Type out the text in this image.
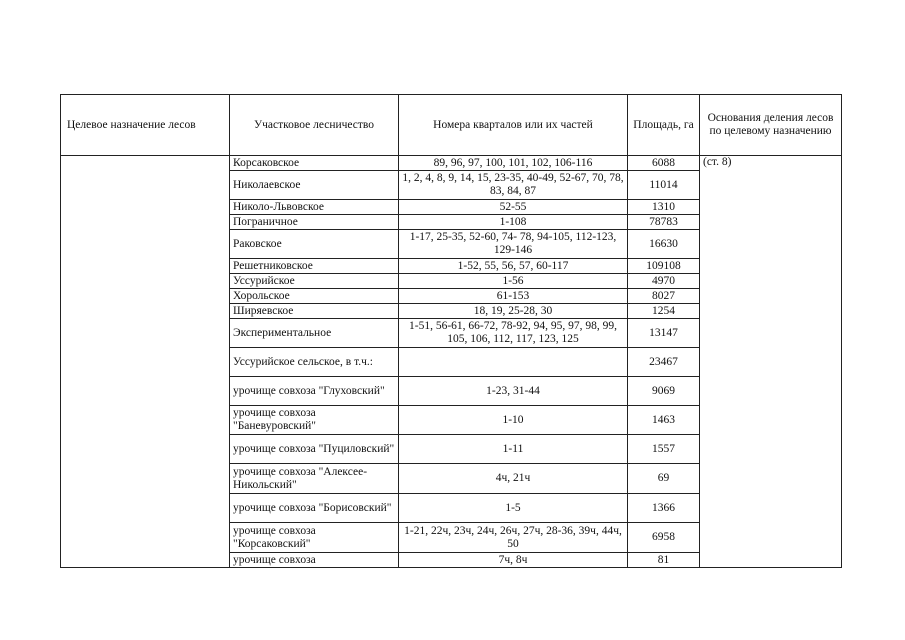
Целевое назначение лесов	Участковое лесничество	Номера кварталов или их частей	Площадь, га	Основания деления лесов по целевому назначению
	Корсаковское	89, 96, 97, 100, 101, 102, 106-116	6088	(ст. 8)
	Николаевское	1, 2, 4, 8, 9, 14, 15, 23-35, 40-49, 52-67, 70, 78, 83, 84, 87	11014	
	Николо-Львовское	52-55	1310	
	Пограничное	1-108	78783	
	Раковское	1-17, 25-35, 52-60, 74- 78, 94-105, 112-123, 129-146	16630	
	Решетниковское	1-52, 55, 56, 57, 60-117	109108	
	Уссурийское	1-56	4970	
	Хорольское	61-153	8027	
	Ширяевское	18, 19, 25-28, 30	1254	
	Экспериментальное	1-51, 56-61, 66-72, 78-92, 94, 95, 97, 98, 99, 105, 106, 112, 117, 123, 125	13147	
	Уссурийское сельское, в т.ч.:		23467	
	урочище совхоза "Глуховский"	1-23, 31-44	9069	
	урочище совхоза "Баневуровский"	1-10	1463	
	урочище совхоза "Пуциловский"	1-11	1557	
	урочище совхоза "Алексее-Никольский"	4ч, 21ч	69	
	урочище совхоза "Борисовский"	1-5	1366	
	урочище совхоза "Корсаковский"	1-21, 22ч, 23ч, 24ч, 26ч, 27ч, 28-36, 39ч, 44ч, 50	6958	
	урочище совхоза	7ч, 8ч	81	
